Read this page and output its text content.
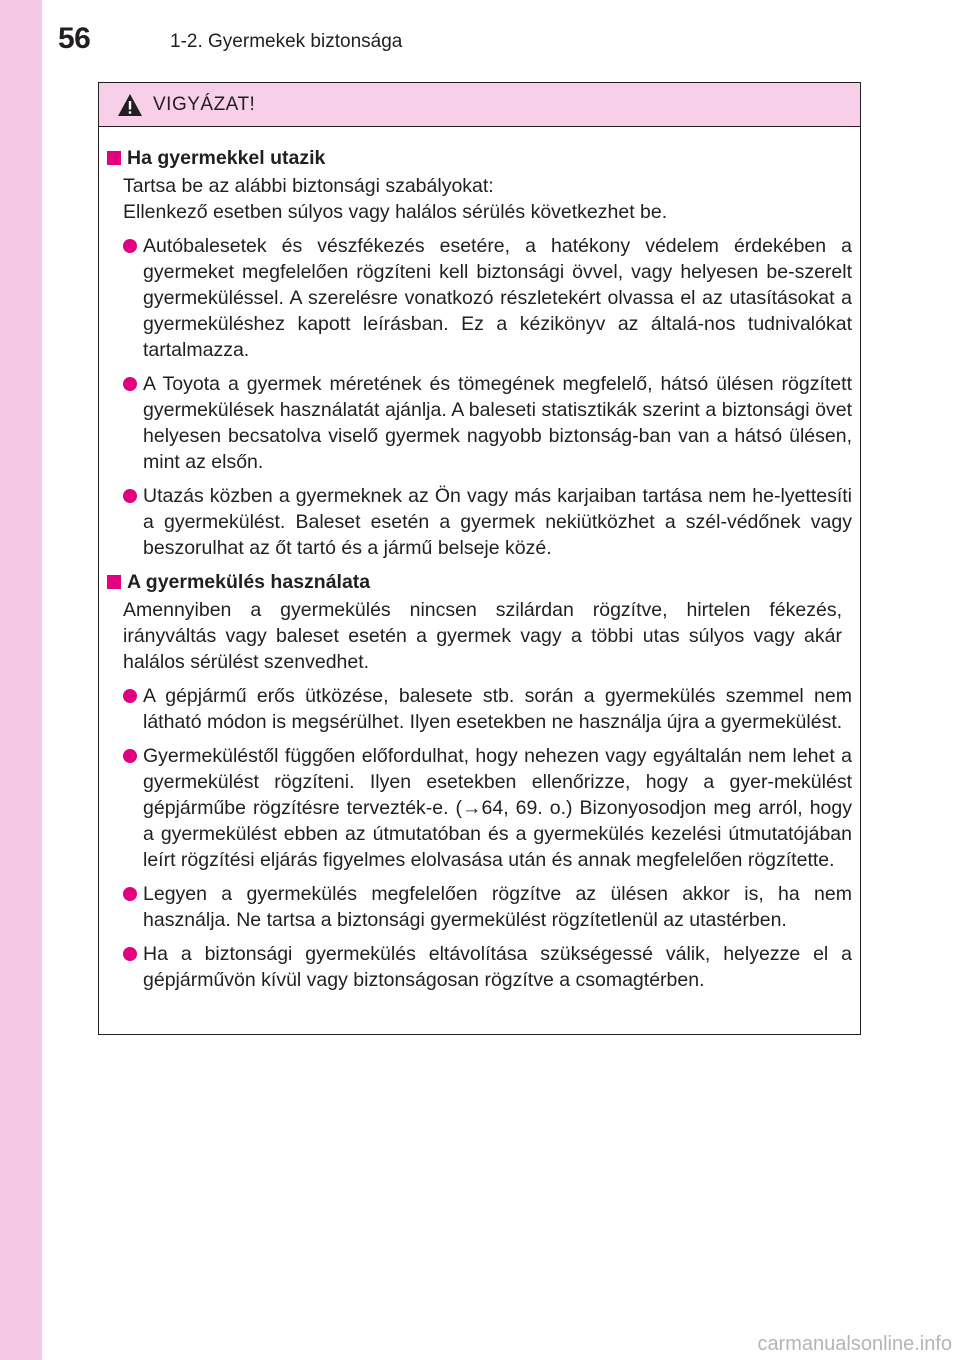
56	1-2. Gyermekek biztonsága
VIGYÁZAT!
Ha gyermekkel utazik
Tartsa be az alábbi biztonsági szabályokat:
Ellenkező esetben súlyos vagy halálos sérülés következhet be.
Autóbalesetek és vészfékezés esetére, a hatékony védelem érdekében a gyermeket megfelelően rögzíteni kell biztonsági övvel, vagy helyesen be-szerelt gyermeküléssel. A szerelésre vonatkozó részletekért olvassa el az utasításokat a gyermeküléshez kapott leírásban. Ez a kézikönyv az általá-nos tudnivalókat tartalmazza.
A Toyota a gyermek méretének és tömegének megfelelő, hátsó ülésen rögzített gyermekülések használatát ajánlja. A baleseti statisztikák szerint a biztonsági övet helyesen becsatolva viselő gyermek nagyobb biztonság-ban van a hátsó ülésen, mint az elsőn.
Utazás közben a gyermeknek az Ön vagy más karjaiban tartása nem he-lyettesíti a gyermekülést. Baleset esetén a gyermek nekiütközhet a szél-védőnek vagy beszorulhat az őt tartó és a jármű belseje közé.
A gyermekülés használata
Amennyiben a gyermekülés nincsen szilárdan rögzítve, hirtelen fékezés, irányváltás vagy baleset esetén a gyermek vagy a többi utas súlyos vagy akár halálos sérülést szenvedhet.
A gépjármű erős ütközése, balesete stb. során a gyermekülés szemmel nem látható módon is megsérülhet. Ilyen esetekben ne használja újra a gyermekülést.
Gyermeküléstől függően előfordulhat, hogy nehezen vagy egyáltalán nem lehet a gyermekülést rögzíteni. Ilyen esetekben ellenőrizze, hogy a gyer-mekülést gépjárműbe rögzítésre tervezték-e. (→64, 69. o.) Bizonyosodjon meg arról, hogy a gyermekülést ebben az útmutatóban és a gyermekülés kezelési útmutatójában leírt rögzítési eljárás figyelmes elolvasása után és annak megfelelően rögzítette.
Legyen a gyermekülés megfelelően rögzítve az ülésen akkor is, ha nem használja. Ne tartsa a biztonsági gyermekülést rögzítetlenül az utastérben.
Ha a biztonsági gyermekülés eltávolítása szükségessé válik, helyezze el a gépjárművön kívül vagy biztonságosan rögzítve a csomagtérben.
carmanualsonline.info
